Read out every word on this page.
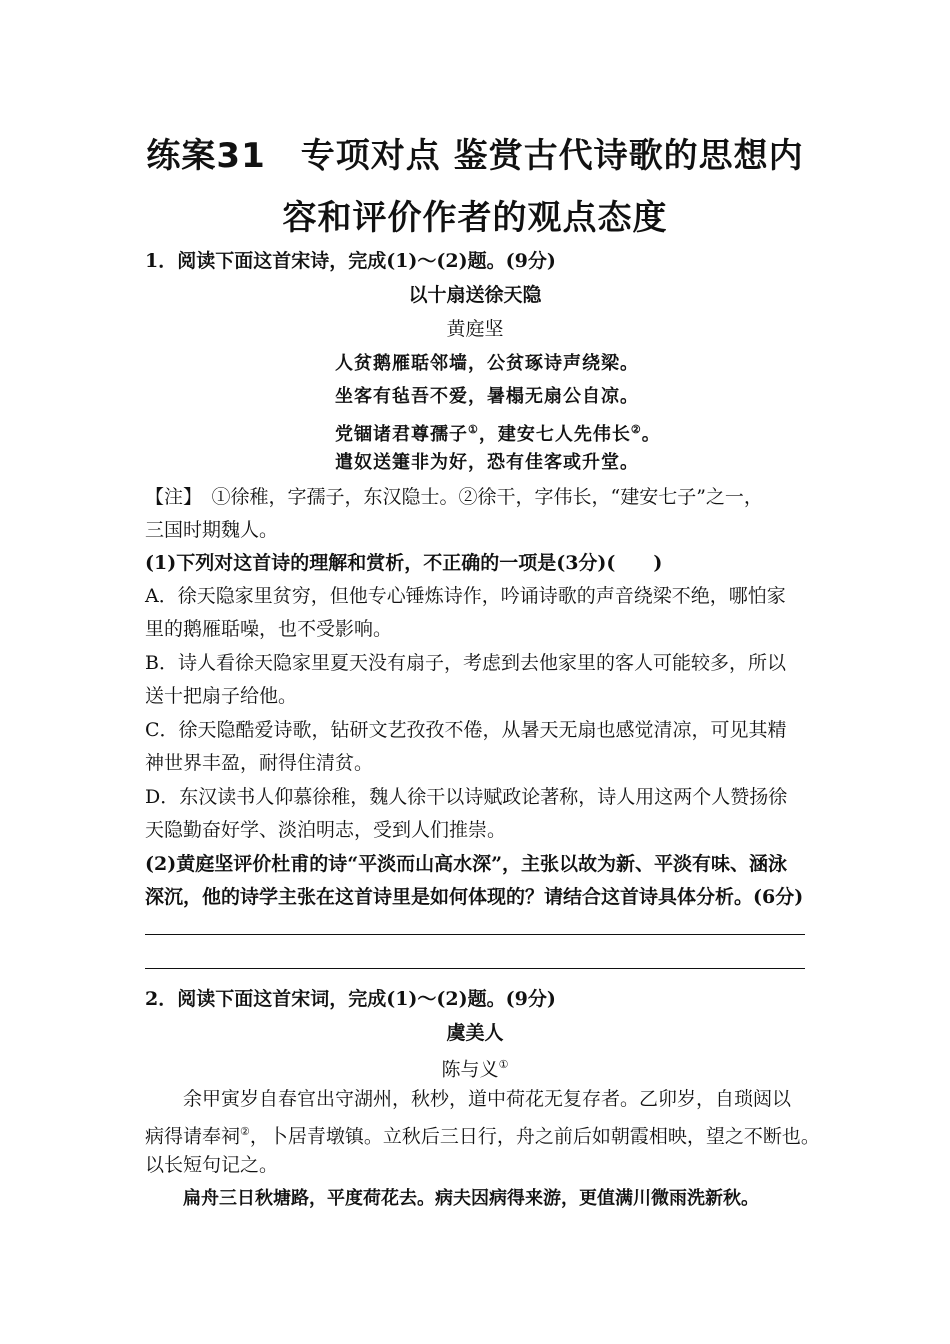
练案31　专项对点 鉴赏古代诗歌的思想内
容和评价作者的观点态度
1．阅读下面这首宋诗，完成(1)～(2)题。(9分)
以十扇送徐天隐
黄庭坚
人贫鹅雁聒邻墙，公贫琢诗声绕梁。
坐客有毡吾不爱，暑榻无扇公自凉。
党锢诸君尊孺子①，建安七人先伟长②。
遣奴送箑非为好，恐有佳客或升堂。
【注】　①徐稚，字孺子，东汉隐士。②徐干，字伟长，“建安七子”之一，
三国时期魏人。
(1)下列对这首诗的理解和赏析，不正确的一项是(3分)(　　)
A．徐天隐家里贫穷，但他专心锤炼诗作，吟诵诗歌的声音绕梁不绝，哪怕家
里的鹅雁聒噪，也不受影响。
B．诗人看徐天隐家里夏天没有扇子，考虑到去他家里的客人可能较多，所以
送十把扇子给他。
C．徐天隐酷爱诗歌，钻研文艺孜孜不倦，从暑天无扇也感觉清凉，可见其精
神世界丰盈，耐得住清贫。
D．东汉读书人仰慕徐稚，魏人徐干以诗赋政论著称，诗人用这两个人赞扬徐
天隐勤奋好学、淡泊明志，受到人们推崇。
(2)黄庭坚评价杜甫的诗“平淡而山高水深”，主张以故为新、平淡有味、涵泳
深沉，他的诗学主张在这首诗里是如何体现的？请结合这首诗具体分析。(6分)
2．阅读下面这首宋词，完成(1)～(2)题。(9分)
虞美人
陈与义①
余甲寅岁自春官出守湖州，秋杪，道中荷花无复存者。乙卯岁，自琐闼以
病得请奉祠②，卜居青墩镇。立秋后三日行，舟之前后如朝霞相映，望之不断也。
以长短句记之。
扁舟三日秋塘路，平度荷花去。病夫因病得来游，更值满川微雨洗新秋。
